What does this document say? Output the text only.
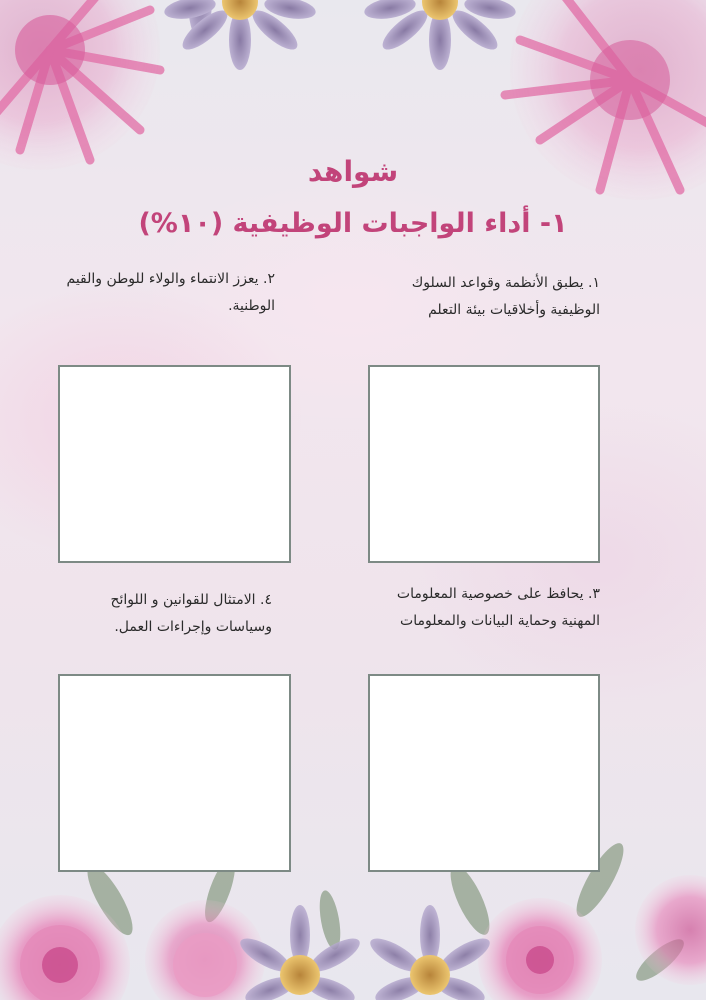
شواهد
١- أداء الواجبات الوظيفية (١٠%)
١. يطبق الأنظمة وقواعد السلوك الوظيفية وأخلاقيات بيئة التعلم
٢. يعزز الانتماء والولاء للوطن والقيم الوطنية.
٣. يحافظ على خصوصية المعلومات المهنية وحماية البيانات والمعلومات
٤. الامتثال للقوانين و اللوائح وسياسات وإجراءات العمل.
